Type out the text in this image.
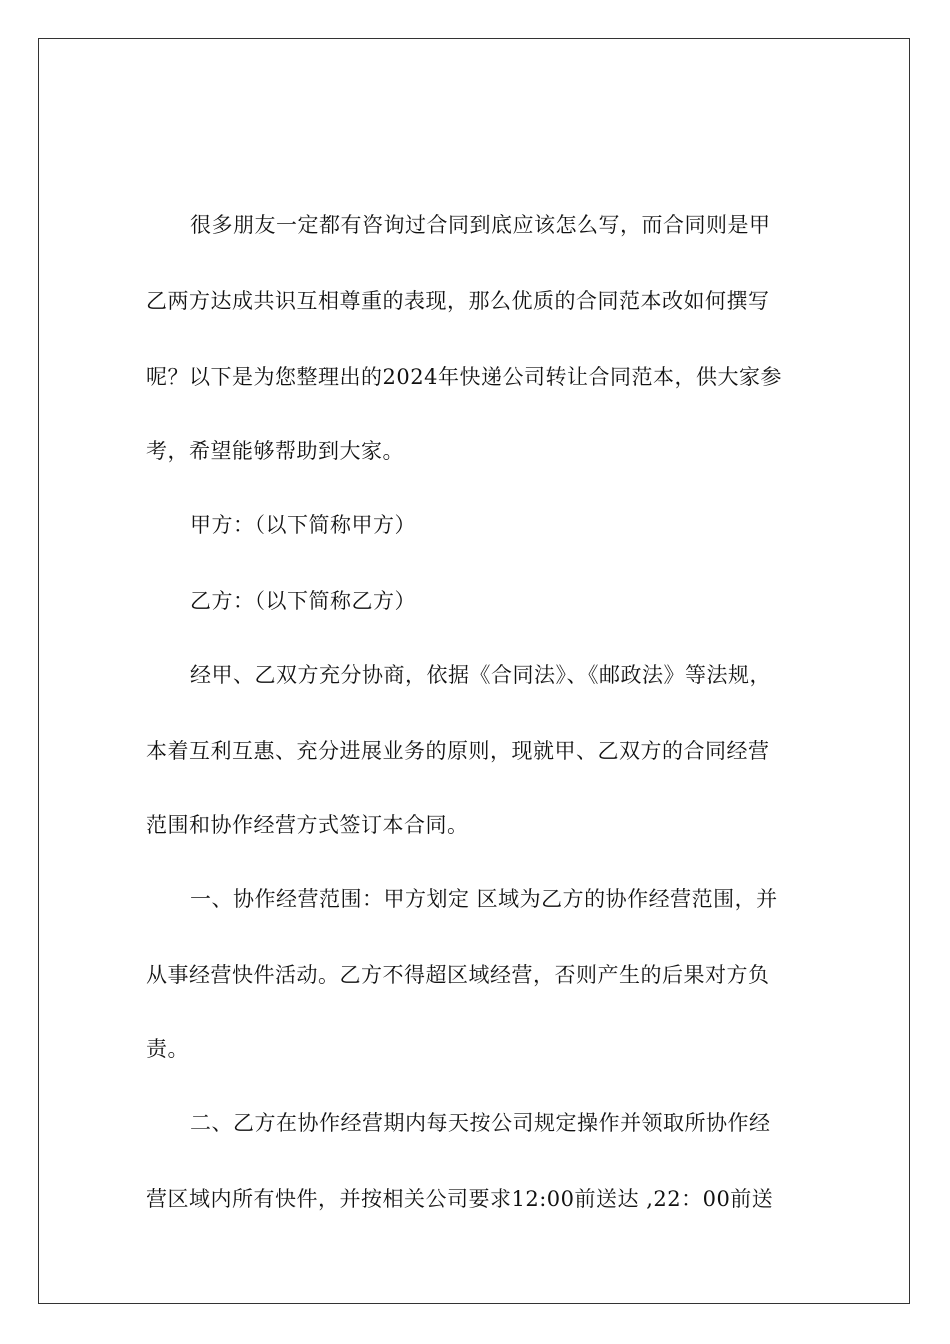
很多朋友一定都有咨询过合同到底应该怎么写，而合同则是甲
乙两方达成共识互相尊重的表现，那么优质的合同范本改如何撰写
呢？以下是为您整理出的2024年快递公司转让合同范本，供大家参
考，希望能够帮助到大家。
甲方：（以下简称甲方）
乙方：（以下简称乙方）
经甲、乙双方充分协商，依据《合同法》、《邮政法》等法规，
本着互利互惠、充分进展业务的原则，现就甲、乙双方的合同经营
范围和协作经营方式签订本合同。
一、协作经营范围：甲方划定 区域为乙方的协作经营范围，并
从事经营快件活动。乙方不得超区域经营，否则产生的后果对方负
责。
二、乙方在协作经营期内每天按公司规定操作并领取所协作经
营区域内所有快件，并按相关公司要求12:00前送达 ,22：00前送
